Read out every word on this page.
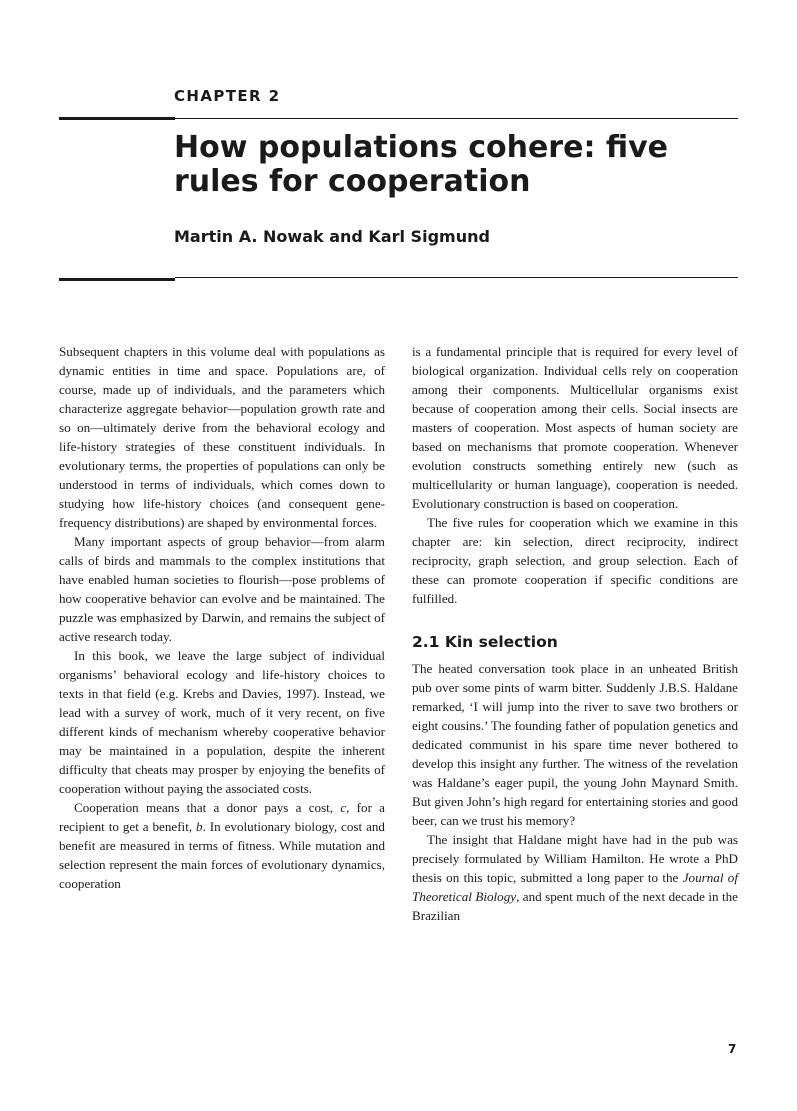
CHAPTER 2
How populations cohere: five rules for cooperation
Martin A. Nowak and Karl Sigmund

Subsequent chapters in this volume deal with populations as dynamic entities in time and space. Populations are, of course, made up of individuals, and the parameters which characterize aggregate behavior—population growth rate and so on—ultimately derive from the behavioral ecology and life-history strategies of these constituent individuals. In evolutionary terms, the properties of populations can only be understood in terms of individuals, which comes down to studying how life-history choices (and consequent gene-frequency distributions) are shaped by environmental forces.

Many important aspects of group behavior—from alarm calls of birds and mammals to the complex institutions that have enabled human societies to flourish—pose problems of how cooperative behavior can evolve and be maintained. The puzzle was emphasized by Darwin, and remains the subject of active research today.

In this book, we leave the large subject of individual organisms’ behavioral ecology and life-history choices to texts in that field (e.g. Krebs and Davies, 1997). Instead, we lead with a survey of work, much of it very recent, on five different kinds of mechanism whereby cooperative behavior may be maintained in a population, despite the inherent difficulty that cheats may prosper by enjoying the benefits of cooperation without paying the associated costs.

Cooperation means that a donor pays a cost, c, for a recipient to get a benefit, b. In evolutionary biology, cost and benefit are measured in terms of fitness. While mutation and selection represent the main forces of evolutionary dynamics, cooperation

is a fundamental principle that is required for every level of biological organization. Individual cells rely on cooperation among their components. Multicellular organisms exist because of cooperation among their cells. Social insects are masters of cooperation. Most aspects of human society are based on mechanisms that promote cooperation. Whenever evolution constructs something entirely new (such as multicellularity or human language), cooperation is needed. Evolutionary construction is based on cooperation.

The five rules for cooperation which we examine in this chapter are: kin selection, direct reciprocity, indirect reciprocity, graph selection, and group selection. Each of these can promote cooperation if specific conditions are fulfilled.

2.1 Kin selection

The heated conversation took place in an unheated British pub over some pints of warm bitter. Suddenly J.B.S. Haldane remarked, ‘I will jump into the river to save two brothers or eight cousins.’ The founding father of population genetics and dedicated communist in his spare time never bothered to develop this insight any further. The witness of the revelation was Haldane’s eager pupil, the young John Maynard Smith. But given John’s high regard for entertaining stories and good beer, can we trust his memory?

The insight that Haldane might have had in the pub was precisely formulated by William Hamilton. He wrote a PhD thesis on this topic, submitted a long paper to the Journal of Theoretical Biology, and spent much of the next decade in the Brazilian

7
